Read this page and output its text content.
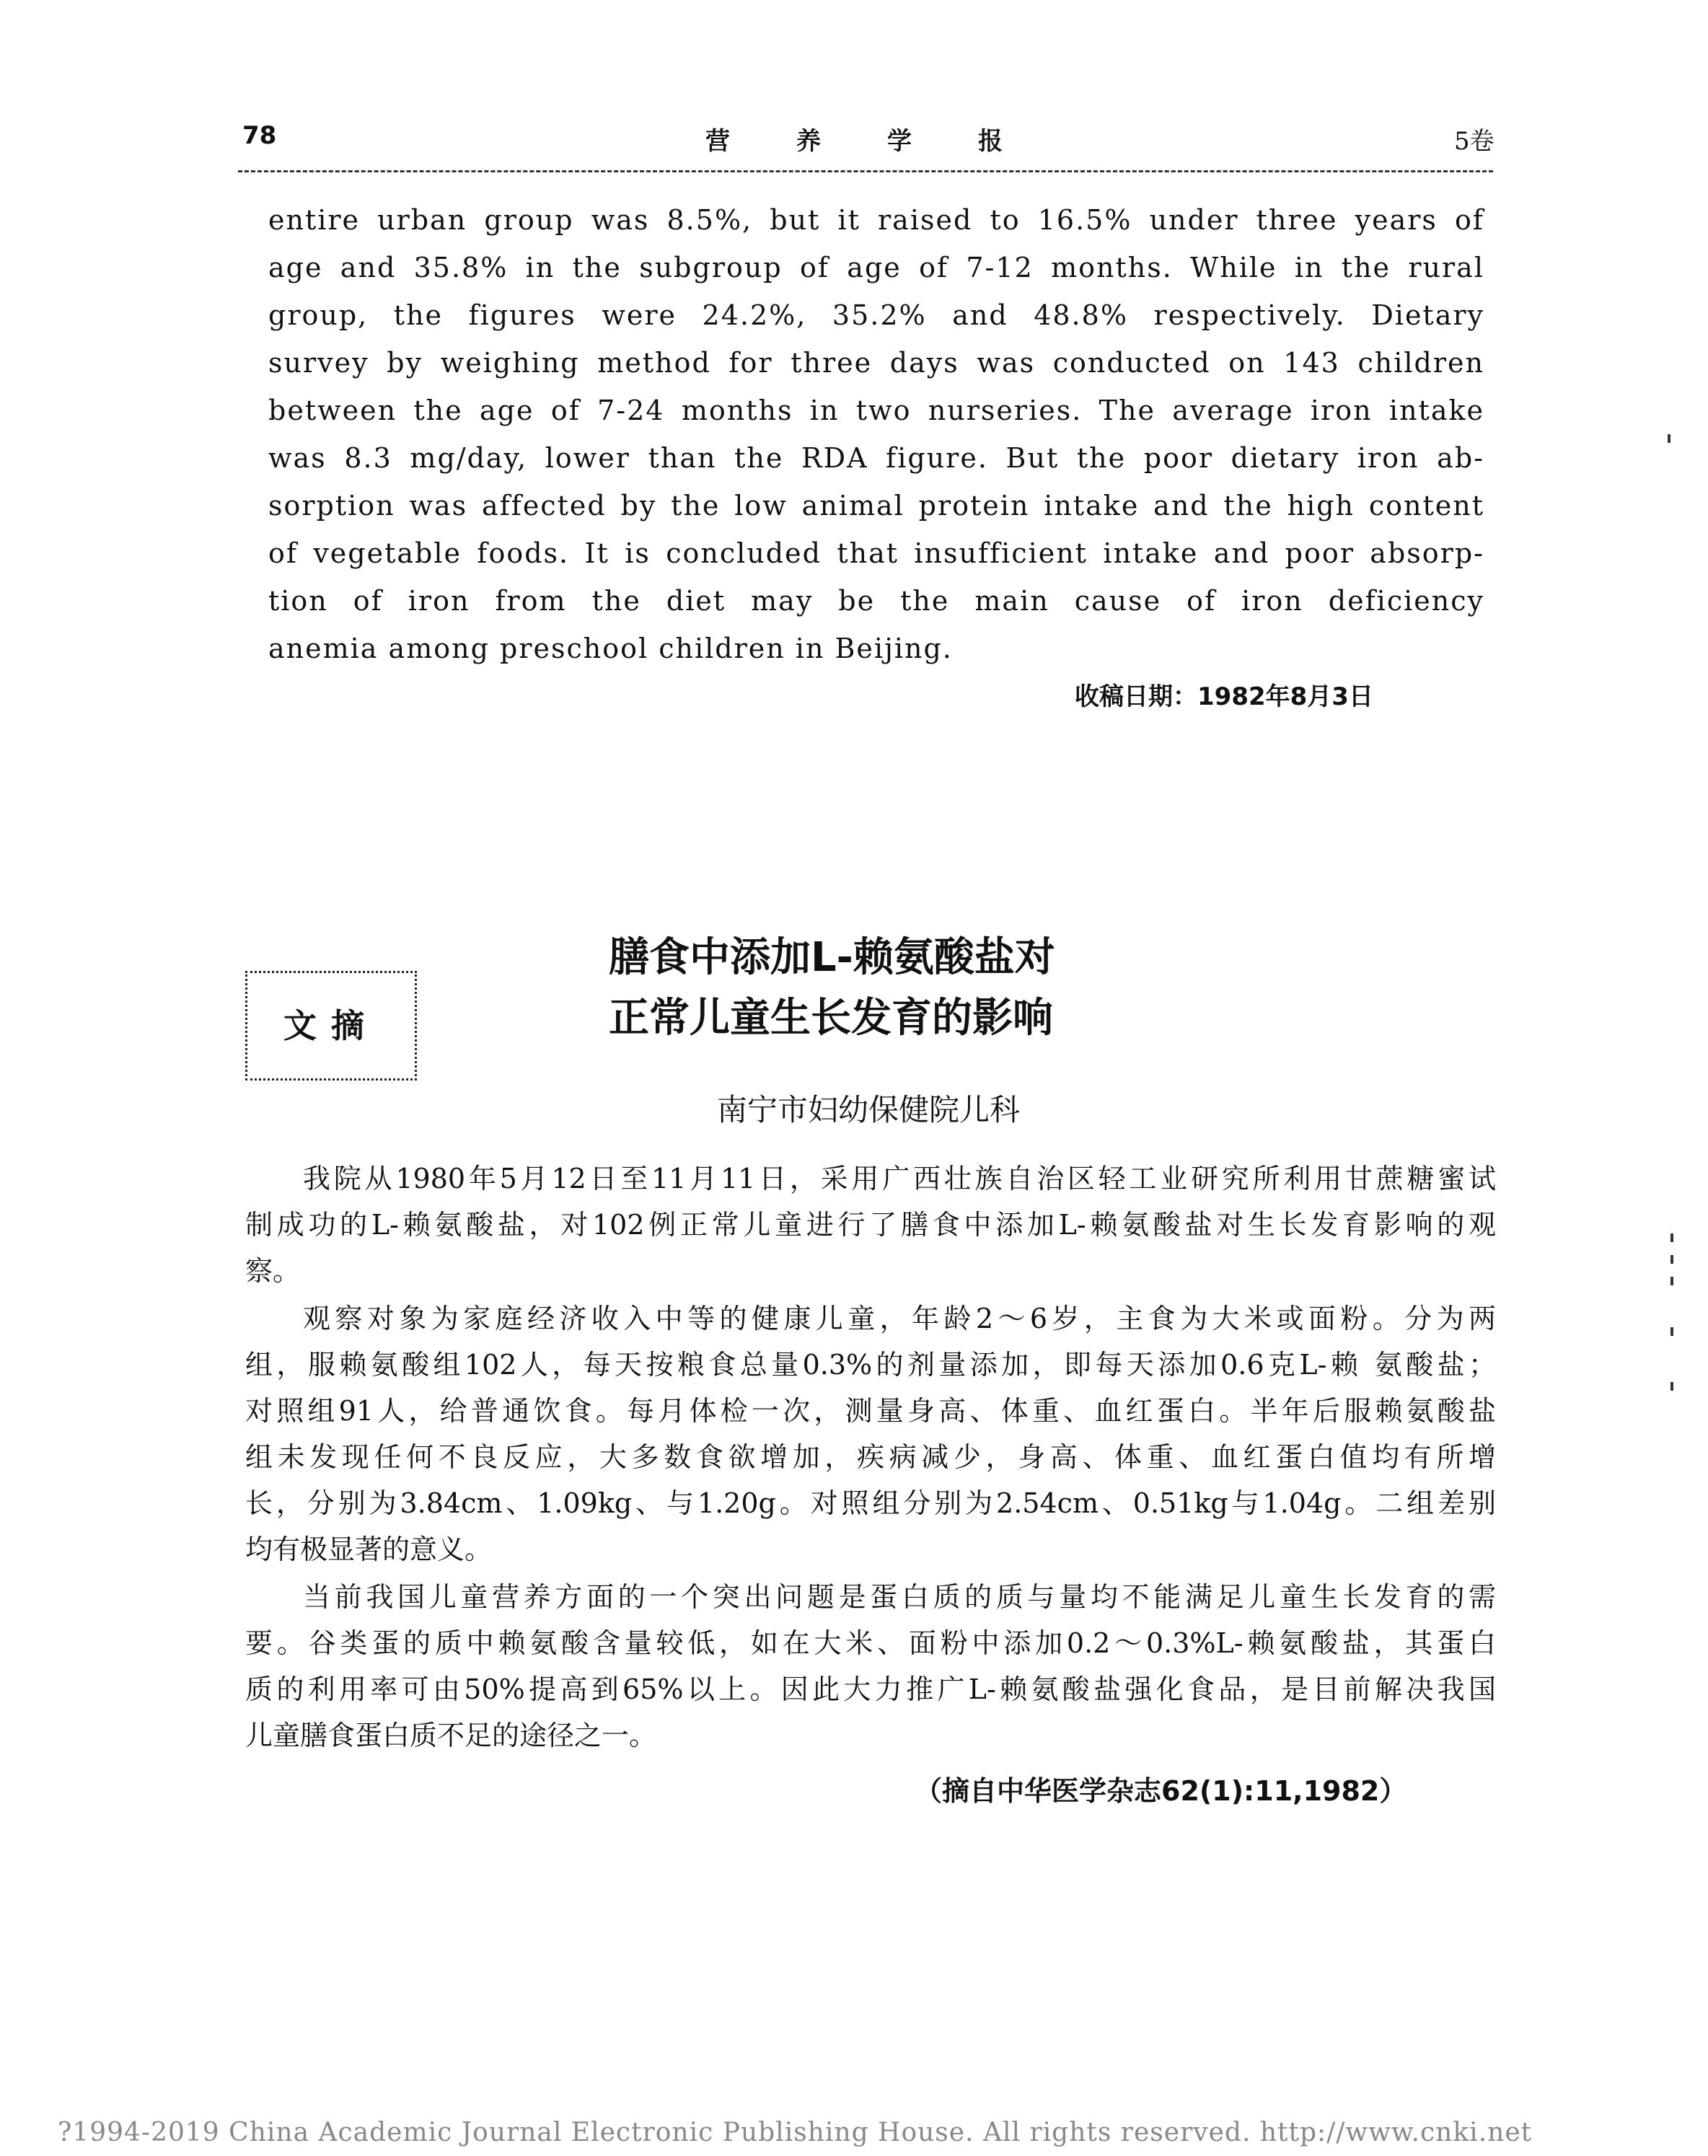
78	营养学报	5卷
entire urban group was 8.5%, but it raised to 16.5% under three years of
age and 35.8% in the subgroup of age of 7-12 months. While in the rural
group, the figures were 24.2%, 35.2% and 48.8% respectively. Dietary
survey by weighing method for three days was conducted on 143 children
between the age of 7-24 months in two nurseries. The average iron intake
was 8.3 mg/day, lower than the RDA figure. But the poor dietary iron ab-
sorption was affected by the low animal protein intake and the high content
of vegetable foods. It is concluded that insufficient intake and poor absorp-
tion of iron from the diet may be the main cause of iron deficiency
anemia among preschool children in Beijing.
收稿日期：1982年8月3日
文摘
膳食中添加L-赖氨酸盐对
正常儿童生长发育的影响
南宁市妇幼保健院儿科
我院从1980年5月12日至11月11日，采用广西壮族自治区轻工业研究所利用甘蔗糖蜜试
制成功的L-赖氨酸盐，对102例正常儿童进行了膳食中添加L-赖氨酸盐对生长发育影响的观
察。
观察对象为家庭经济收入中等的健康儿童，年龄2～6岁，主食为大米或面粉。分为两
组，服赖氨酸组102人，每天按粮食总量0.3%的剂量添加，即每天添加0.6克L-赖 氨酸盐；
对照组91人，给普通饮食。每月体检一次，测量身高、体重、血红蛋白。半年后服赖氨酸盐
组未发现任何不良反应，大多数食欲增加，疾病减少，身高、体重、血红蛋白值均有所增
长，分别为3.84cm、1.09kg、与1.20g。对照组分别为2.54cm、0.51kg与1.04g。二组差别
均有极显著的意义。
当前我国儿童营养方面的一个突出问题是蛋白质的质与量均不能满足儿童生长发育的需
要。谷类蛋的质中赖氨酸含量较低，如在大米、面粉中添加0.2～0.3%L-赖氨酸盐，其蛋白
质的利用率可由50%提高到65%以上。因此大力推广L-赖氨酸盐强化食品，是目前解决我国
儿童膳食蛋白质不足的途径之一。
（摘自中华医学杂志62(1):11,1982）
?1994-2019 China Academic Journal Electronic Publishing House. All rights reserved. http://www.cnki.net
